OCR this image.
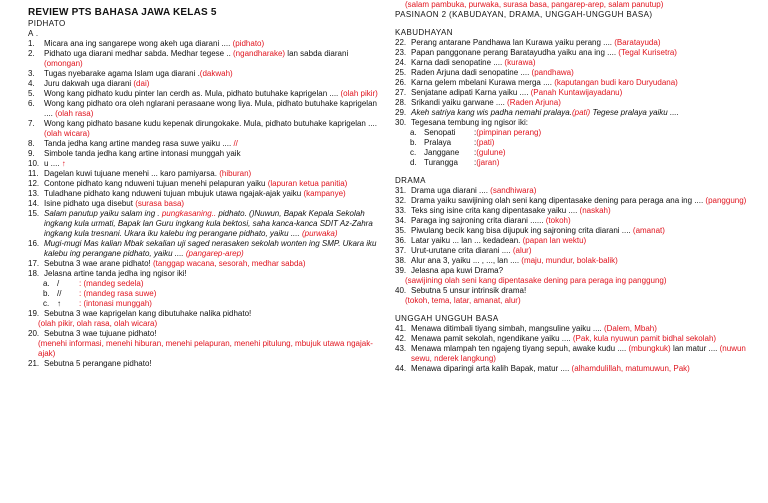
REVIEW PTS BAHASA JAWA KELAS 5
PIDHATO
A .
1.	Micara ana ing sangarepe wong akeh uga diarani .... (pidhato)
2.	Pidhato uga diarani medhar sabda. Medhar tegese .. (ngandharake) lan sabda diarani (omongan)
3.	Tugas nyebarake agama Islam uga diarani .(dakwah)
4.	Juru dakwah uga diarani (dai)
5.	Wong kang pidhato kudu pinter lan cerdh as. Mula, pidhato butuhake kaprigelan .... (olah pikir)
6.	Wong kang pidhato ora oleh nglarani perasaane wong liya. Mula, pidhato butuhake kaprigelan .... (olah rasa)
7.	Wong kang pidhato basane kudu kepenak dirungokake. Mula, pidhato butuhake kaprigelan .... (olah wicara)
8.	Tanda jedha kang artine mandeg rasa suwe yaiku .... //
9.	Simbole tanda jedha kang artine intonasi munggah yaik
10. u .... ↑
11. Dagelan kuwi tujuane menehi ... karo pamiyarsa. (hiburan)
12. Contone pidhato kang nduweni tujuan menehi pelapuran yaiku (lapuran ketua panitia)
13. Tuladhane pidhato kang nduweni tujuan mbujuk utawa ngajak-ajak yaiku (kampanye)
14. Isine pidhato uga disebut (surasa basa)
15. Salam panutup yaiku salam ing . pungkasaning.. pidhato. ()Nuwun, Bapak Kepala Sekolah ingkang kula urmati, Bapak lan Guru ingkang kula bektosi, saha kanca-kanca SDIT Az-Zahra ingkang kula tresnani. Ukara iku kalebu ing perangane pidhato, yaiku .... (purwaka)
16. Mugi-mugi Mas kalian Mbak sekalian uji saged nerasaken sekolah wonten ing SMP. Ukara iku kalebu ing perangane pidhato, yaiku .... (pangarep-arep)
17. Sebutna 3 wae arane pidhato! (tanggap wacana, sesorah, medhar sabda)
18. Jelasna artine tanda jedha ing ngisor iki!
a. /	: (mandeg sedela)
b. //	: (mandeg rasa suwe)
c. ↑	: (intonasi munggah)
19. Sebutna 3 wae kaprigelan kang dibutuhake nalika pidhato!
(olah pikir, olah rasa, olah wicara)
20. Sebutna 3 wae tujuane pidhato!
(menehi informasi, menehi hiburan, menehi pelapuran, menehi pitulung, mbujuk utawa ngajak-ajak)
21. Sebutna 5 perangane pidhato!
(salam pambuka, purwaka, surasa basa, pangarep-arep, salam panutup)
PASINAON 2 (KABUDAYAN, DRAMA, UNGGAH-UNGGUH BASA)
KABUDHAYAN
22. Perang antarane Pandhawa lan Kurawa yaiku perang .... (Baratayuda)
23. Papan panggonane perang Baratayudha yaiku ana ing .... (Tegal Kurisetra)
24. Karna dadi senopatine .... (kurawa)
25. Raden Arjuna dadi senopatine .... (pandhawa)
26. Karna gelem mbelani Kurawa merga .... (kaputangan budi karo Duryudana)
27. Senjatane adipati Karna yaiku .... (Panah Kuntawijayadanu)
28. Srikandi yaiku garwane .... (Raden Arjuna)
29. Akeh satriya kang wis padha nemahi pralaya.(pati) Tegese pralaya yaiku ....
30. Tegesana tembung ing ngisor iki:
a. Senopati	: (pimpinan perang)
b. Pralaya	: (pati)
c. Janggane	: (gulune)
d. Turangga	: (jaran)
DRAMA
31. Drama uga diarani .... (sandhiwara)
32. Drama yaiku sawijining olah seni kang dipentasake dening para peraga ana ing .... (panggung)
33. Teks sing isine crita kang dipentasake yaiku .... (naskah)
34. Paraga ing sajroning crita diarani ...... (tokoh)
35. Piwulang becik kang bisa dijupuk ing sajroning crita diarani .... (amanat)
36. Latar yaiku ... lan ... kedadean. (papan lan wektu)
37. Urut-urutane crita diarani .... (alur)
38. Alur ana 3, yaiku ... , ..., lan .... (maju, mundur, bolak-balik)
39. Jelasna apa kuwi Drama?
(sawijining olah seni kang dipentasake dening para peraga ing panggung)
40. Sebutna 5 unsur intrinsik drama!
(tokoh, tema, latar, amanat, alur)
UNGGAH UNGGUH BASA
41. Menawa ditimbali tiyang simbah, mangsuline yaiku .... (Dalem, Mbah)
42. Menawa pamit sekolah, ngendikane yaiku .... (Pak, kula nyuwun pamit bidhal sekolah)
43. Menawa mlampah ten ngajeng tiyang sepuh, awake kudu .... (mbungkuk) lan matur .... (nuwun sewu, nderek langkung)
44. Menawa diparingi arta kalih Bapak, matur .... (alhamdulillah, matumuwun, Pak)
